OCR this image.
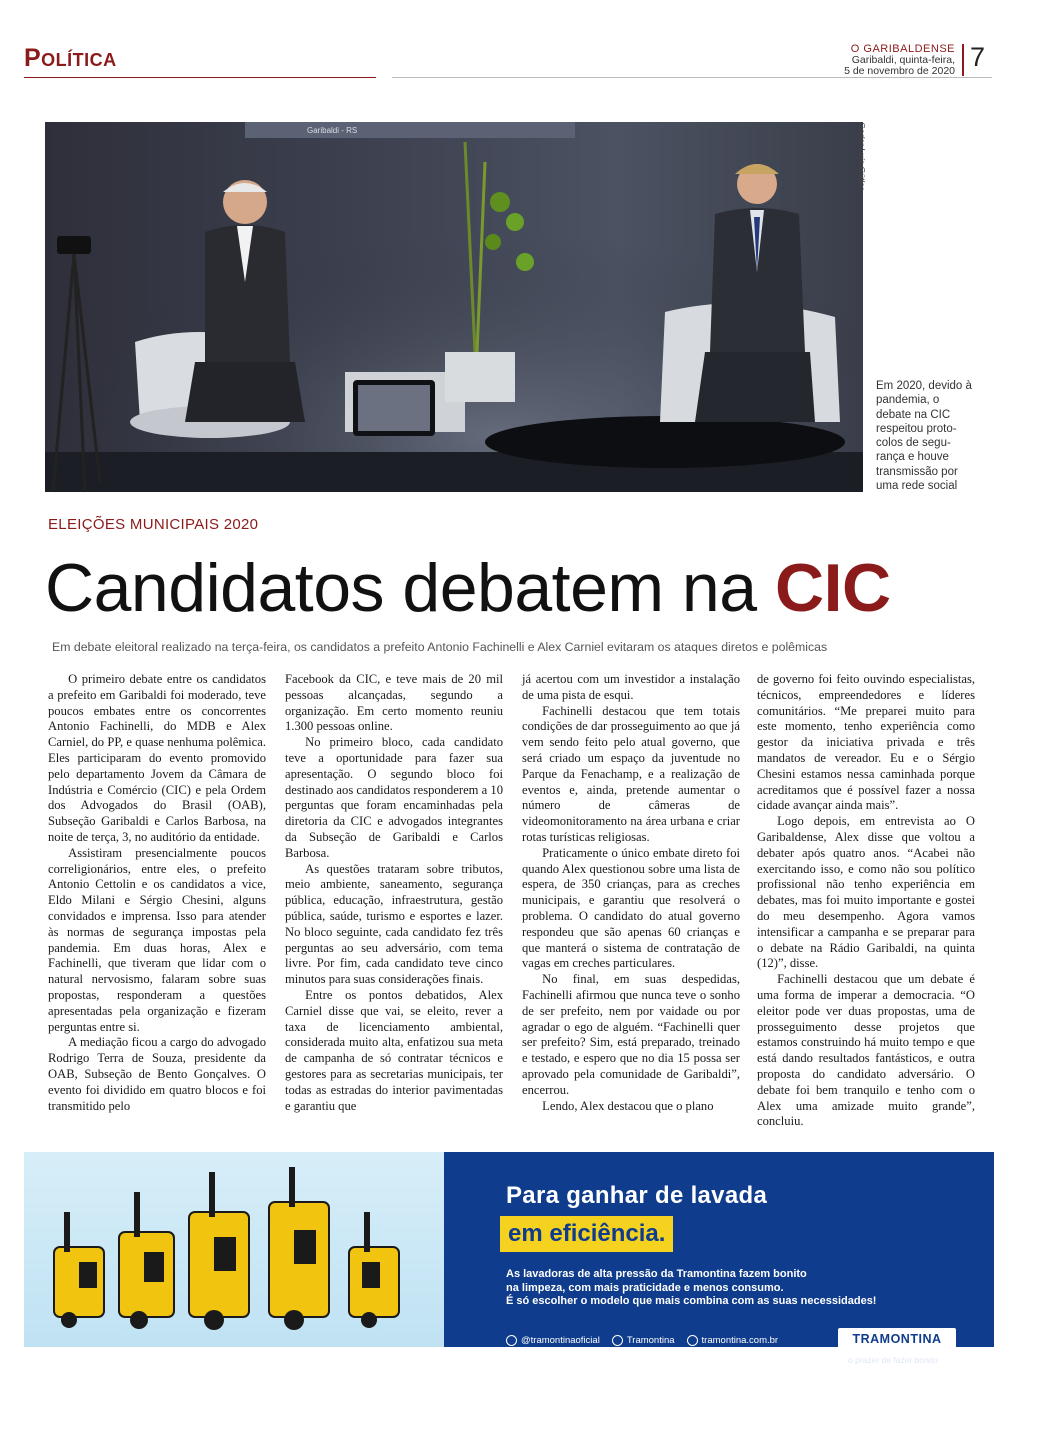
Política	O GARIBALDENSE
Garibaldi, quinta-feira,
5 de novembro de 2020 7
Garibaldi - RS	Geder Luís Gütler
Em 2020, devido à pandemia, o debate na CIC respeitou proto-colos de segu-rança e houve transmissão por uma rede social
ELEIÇÕES MUNICIPAIS 2020
Candidatos debatem na CIC
Em debate eleitoral realizado na terça-feira, os candidatos a prefeito Antonio Fachinelli e Alex Carniel evitaram os ataques diretos e polêmicas

O primeiro debate entre os candidatos a prefeito em Garibaldi foi moderado, teve poucos embates entre os concorrentes Antonio Fachinelli, do MDB e Alex Carniel, do PP, e quase nenhuma polêmica. Eles participaram do evento promovido pelo departamento Jovem da Câmara de Indústria e Comércio (CIC) e pela Ordem dos Advogados do Brasil (OAB), Subseção Garibaldi e Carlos Barbosa, na noite de terça, 3, no auditório da entidade.

Assistiram presencialmente poucos correligionários, entre eles, o prefeito Antonio Cettolin e os candidatos a vice, Eldo Milani e Sérgio Chesini, alguns convidados e imprensa. Isso para atender às normas de segurança impostas pela pandemia. Em duas horas, Alex e Fachinelli, que tiveram que lidar com o natural nervosismo, falaram sobre suas propostas, responderam a questões apresentadas pela organização e fizeram perguntas entre si.

A mediação ficou a cargo do advogado Rodrigo Terra de Souza, presidente da OAB, Subseção de Bento Gonçalves. O evento foi dividido em quatro blocos e foi transmitido pelo

Facebook da CIC, e teve mais de 20 mil pessoas alcançadas, segundo a organização. Em certo momento reuniu 1.300 pessoas online.

No primeiro bloco, cada candidato teve a oportunidade para fazer sua apresentação. O segundo bloco foi destinado aos candidatos responderem a 10 perguntas que foram encaminhadas pela diretoria da CIC e advogados integrantes da Subseção de Garibaldi e Carlos Barbosa.

As questões trataram sobre tributos, meio ambiente, saneamento, segurança pública, educação, infraestrutura, gestão pública, saúde, turismo e esportes e lazer. No bloco seguinte, cada candidato fez três perguntas ao seu adversário, com tema livre. Por fim, cada candidato teve cinco minutos para suas considerações finais.

Entre os pontos debatidos, Alex Carniel disse que vai, se eleito, rever a taxa de licenciamento ambiental, considerada muito alta, enfatizou sua meta de campanha de só contratar técnicos e gestores para as secretarias municipais, ter todas as estradas do interior pavimentadas e garantiu que

já acertou com um investidor a instalação de uma pista de esqui.

Fachinelli destacou que tem totais condições de dar prosseguimento ao que já vem sendo feito pelo atual governo, que será criado um espaço da juventude no Parque da Fenachamp, e a realização de eventos e, ainda, pretende aumentar o número de câmeras de videomonitoramento na área urbana e criar rotas turísticas religiosas.

Praticamente o único embate direto foi quando Alex questionou sobre uma lista de espera, de 350 crianças, para as creches municipais, e garantiu que resolverá o problema. O candidato do atual governo respondeu que são apenas 60 crianças e que manterá o sistema de contratação de vagas em creches particulares.

No final, em suas despedidas, Fachinelli afirmou que nunca teve o sonho de ser prefeito, nem por vaidade ou por agradar o ego de alguém. “Fachinelli quer ser prefeito? Sim, está preparado, treinado e testado, e espero que no dia 15 possa ser aprovado pela comunidade de Garibaldi”, encerrou.

Lendo, Alex destacou que o plano

de governo foi feito ouvindo especialistas, técnicos, empreendedores e líderes comunitários. “Me preparei muito para este momento, tenho experiência como gestor da iniciativa privada e três mandatos de vereador. Eu e o Sérgio Chesini estamos nessa caminhada porque acreditamos que é possível fazer a nossa cidade avançar ainda mais”.

Logo depois, em entrevista ao O Garibaldense, Alex disse que voltou a debater após quatro anos. “Acabei não exercitando isso, e como não sou político profissional não tenho experiência em debates, mas foi muito importante e gostei do meu desempenho. Agora vamos intensificar a campanha e se preparar para o debate na Rádio Garibaldi, na quinta (12)”, disse.

Fachinelli destacou que um debate é uma forma de imperar a democracia. “O eleitor pode ver duas propostas, uma de prosseguimento desse projetos que estamos construindo há muito tempo e que está dando resultados fantásticos, e outra proposta do candidato adversário. O debate foi bem tranquilo e tenho com o Alex uma amizade muito grande”, concluiu.

Para ganhar de lavada
em eficiência.
As lavadoras de alta pressão da Tramontina fazem bonito
na limpeza, com mais praticidade e menos consumo.
É só escolher o modelo que mais combina com as suas necessidades!
@tramontinaoficial	Tramontina	tramontina.com.br	TRAMONTINA
o prazer de fazer bonito
